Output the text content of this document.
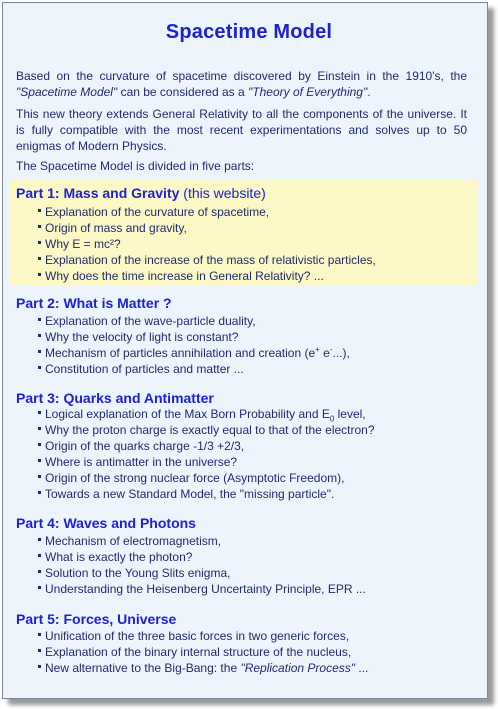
Spacetime Model
Based on the curvature of spacetime discovered by Einstein in the 1910's, the "Spacetime Model" can be considered as a "Theory of Everything".
This new theory extends General Relativity to all the components of the universe. It is fully compatible with the most recent experimentations and solves up to 50 enigmas of Modern Physics.
The Spacetime Model is divided in five parts:
Part 1: Mass and Gravity (this website)
Explanation of the curvature of spacetime,
Origin of mass and gravity,
Why E = mc²?
Explanation of the increase of the mass of relativistic particles,
Why does the time increase in General Relativity? ...
Part 2: What is Matter ?
Explanation of the wave-particle duality,
Why the velocity of light is constant?
Mechanism of particles annihilation and creation (e+ e-...),
Constitution of particles and matter ...
Part 3: Quarks and Antimatter
Logical explanation of the Max Born Probability and $E_0$ level,
Why the proton charge is exactly equal to that of the electron?
Origin of the quarks charge -1/3 +2/3,
Where is antimatter in the universe?
Origin of the strong nuclear force (Asymptotic Freedom),
Towards a new Standard Model, the "missing particle".
Part 4: Waves and Photons
Mechanism of electromagnetism,
What is exactly the photon?
Solution to the Young Slits enigma,
Understanding the Heisenberg Uncertainty Principle, EPR ...
Part 5: Forces, Universe
Unification of the three basic forces in two generic forces,
Explanation of the binary internal structure of the nucleus,
New alternative to the Big-Bang: the "Replication Process" ...
